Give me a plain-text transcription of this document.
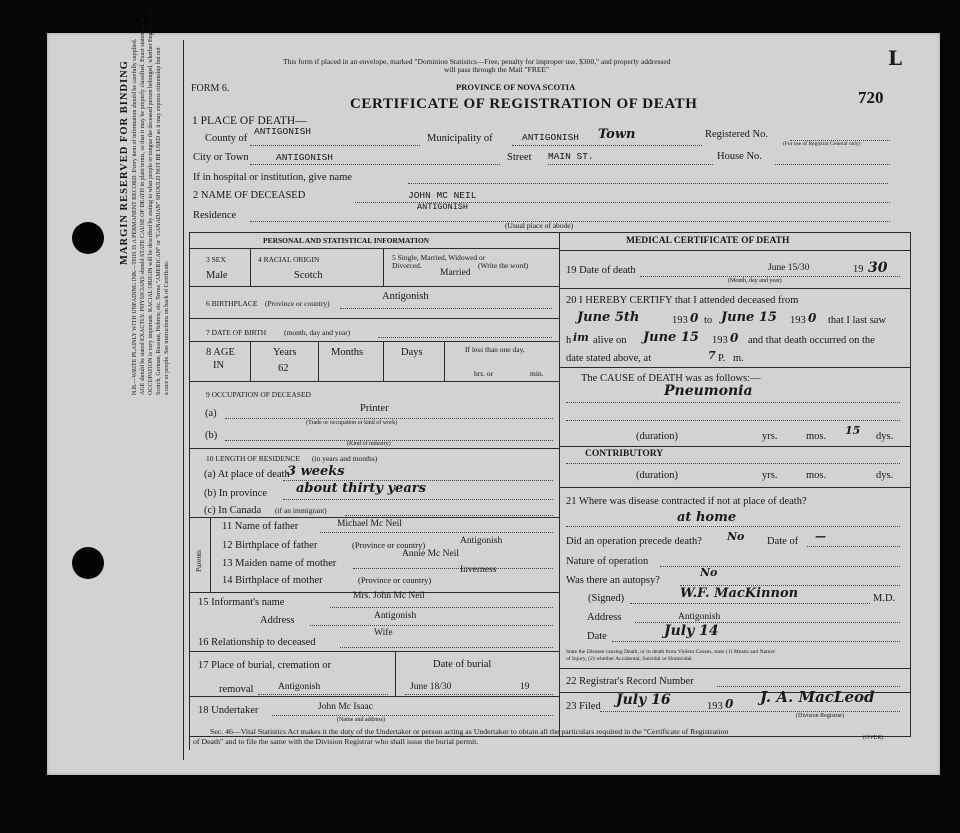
MARGIN RESERVED FOR BINDING N.B.—WRITE PLAINLY WITH UNFADING INK—THIS IS A PERMANENT RECORD. Every item of information should be carefully supplied. AGE should be stated EXACTLY. PHYSICIANS should STATE CAUSE OF DEATH in plain terms, so that it may be properly classified. Exact statement of OCCUPATION is very important. RACIAL ORIGIN will be described by stating to what people or tongue the deceased person belonged, whether English, Irish, Scotch, German, Russian, Hebrew, etc. Terms "AMERICAN" or "CANADIAN" SHOULD NOT BE USED as it may express citizenship but not a race or people. See instructions on back of Certificate.
This form if placed in an envelope, marked "Dominion Statistics—Free, penalty for improper use, $300," and properly addressed
will pass through the Mail "FREE"
PROVINCE OF NOVA SCOTIA
FORM 6.
CERTIFICATE OF REGISTRATION OF DEATH	720
L
1 PLACE OF DEATH—
County of
ANTIGONISH
Municipality of	ANTIGONISH Town	Registered No.
(For use of Registrar General only)
City or Town	ANTIGONISH	Street MAIN ST.	House No.
If in hospital or institution, give name
2 NAME OF DECEASED	JOHN MC NEIL
Residence
ANTIGONISH
(Usual place of abode)
PERSONAL AND STATISTICAL INFORMATION
3 SEX
Male
4 RACIAL ORIGIN
Scotch
5 Single, Married, Widowed or
Divorced.	(Write the word)
Married
6 BIRTHPLACE (Province or country)
Antigonish
7 DATE OF BIRTH (month, day and year)
8 AGE
IN
Years
62
Months	Days	If less than one day,
hrs. or	min.
9 OCCUPATION OF DECEASED
(a)	Printer
(Trade or occupation or kind of work)
(b)
(Kind of industry)
10 LENGTH OF RESIDENCE (in years and months)
(a) At place of death
3 weeks
(b) In province about thirty years
(c) In Canada (if an immigrant)
Parents
11 Name of father	Michael Mc Neil
12 Birthplace of father	(Province or country)	Antigonish
13 Maiden name of mother
Annie Mc Neil
14 Birthplace of mother	(Province or country)
Inverness
15 Informant's name
Mrs. John Mc Neil
Address	Antigonish
16 Relationship to deceased
Wife
17 Place of burial, cremation or
removal	Antigonish
Date of burial
June 18/30	19
18 Undertaker	John Mc Isaac
(Name and address)
MEDICAL CERTIFICATE OF DEATH
19 Date of death	June 15/30	19 30
(Month, day and year)
20 I HEREBY CERTIFY that I attended deceased from
June 5th	193 0 to June 15 193 0 that I last saw
h im alive on June 15 193 0 and that death occurred on the
date stated above, at	7 P. m.
The CAUSE of DEATH was as follows:—
Pneumonia
(duration)	yrs.	mos. 15 dys.
CONTRIBUTORY
(duration)	yrs.	mos.	dys.
21 Where was disease contracted if not at place of death?
at home
Did an operation precede death? No Date of —
Nature of operation
Was there an autopsy?
No
(Signed)	W.F. MacKinnon	M.D.
Address	Antigonish
Date	July 14
State the Disease causing Death, or in death from Violent Causes, state (1) Means and Nature
of Injury, (2) whether Accidental, Suicidal or Homicidal.
22 Registrar's Record Number
23 Filed July 16	193 0 J. A. MacLeod
(Division Registrar)
Sec. 46—Vital Statistics Act makes it the duty of the Undertaker or person acting as Undertaker to obtain all the particulars required in the "Certificate of Registration
of Death" and to file the same with the Division Registrar who shall issue the burial permit.	(OVER)
